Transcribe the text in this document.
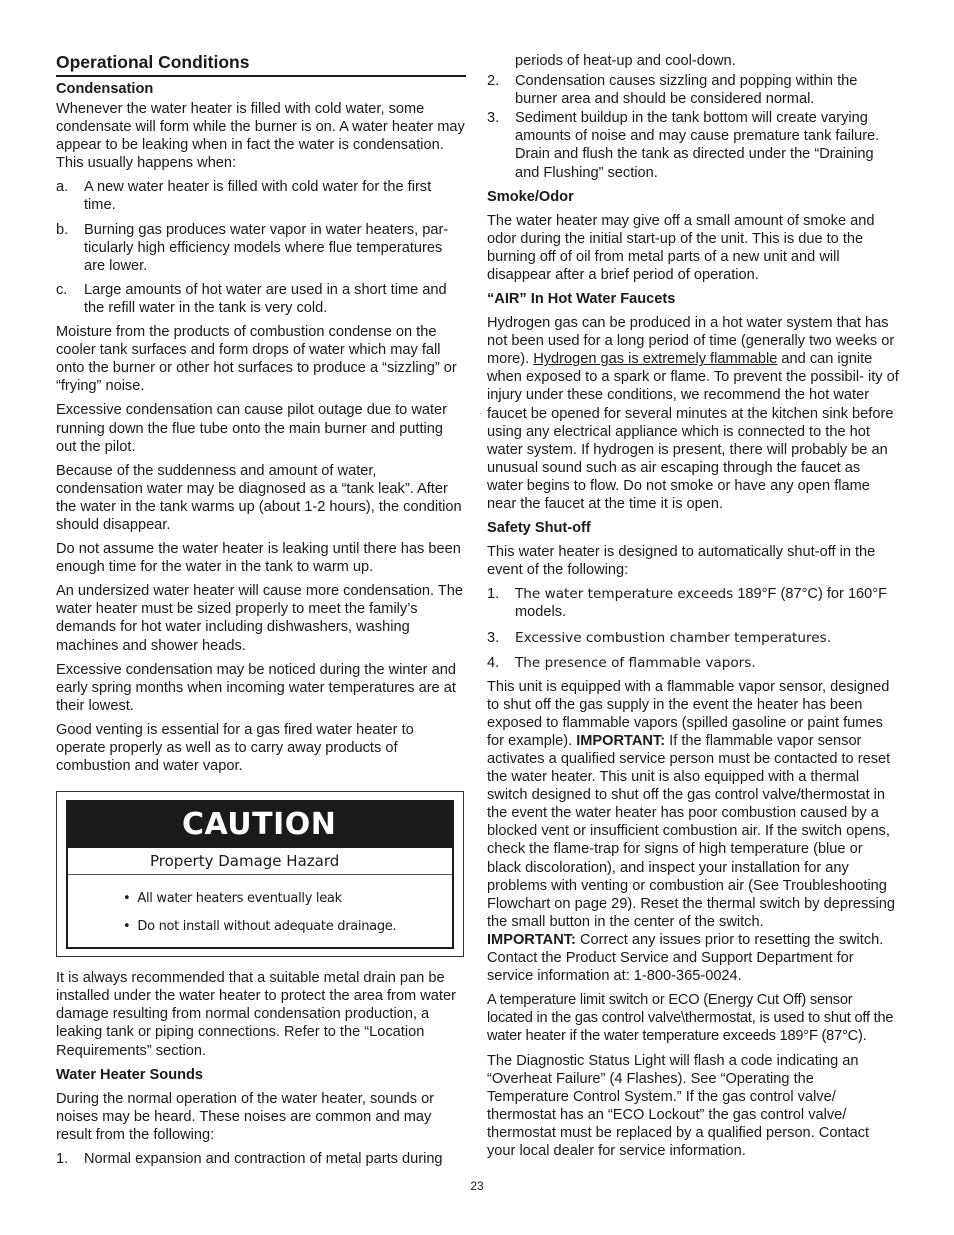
Operational Conditions
Condensation

Whenever the water heater is filled with cold water, some condensate will form while the burner is on. A water heater may appear to be leaking when in fact the water is condensation. This usually happens when:

a. A new water heater is filled with cold water for the first time.
b. Burning gas produces water vapor in water heaters, par- ticularly high efficiency models where flue temperatures are lower.
c. Large amounts of hot water are used in a short time and the refill water in the tank is very cold.

Moisture from the products of combustion condense on the cooler tank surfaces and form drops of water which may fall onto the burner or other hot surfaces to produce a “sizzling” or “frying” noise.

Excessive condensation can cause pilot outage due to water running down the flue tube onto the main burner and putting out the pilot.

Because of the suddenness and amount of water, condensation water may be diagnosed as a “tank leak”. After the water in the tank warms up (about 1-2 hours), the condition should disappear.

Do not assume the water heater is leaking until there has been enough time for the water in the tank to warm up.

An undersized water heater will cause more condensation. The water heater must be sized properly to meet the family’s demands for hot water including dishwashers, washing machines and shower heads.

Excessive condensation may be noticed during the winter and early spring months when incoming water temperatures are at their lowest.

Good venting is essential for a gas fired water heater to operate properly as well as to carry away products of combustion and water vapor.

CAUTION
Property Damage Hazard
• All water heaters eventually leak
• Do not install without adequate drainage.

It is always recommended that a suitable metal drain pan be installed under the water heater to protect the area from water damage resulting from normal condensation production, a leaking tank or piping connections. Refer to the “Location Requirements” section.

Water Heater Sounds

During the normal operation of the water heater, sounds or noises may be heard. These noises are common and may result from the following:

1. Normal expansion and contraction of metal parts during
periods of heat-up and cool-down.
2. Condensation causes sizzling and popping within the burner area and should be considered normal.
3. Sediment buildup in the tank bottom will create varying amounts of noise and may cause premature tank failure. Drain and flush the tank as directed under the “Draining and Flushing” section.
Smoke/Odor

The water heater may give off a small amount of smoke and odor during the initial start-up of the unit. This is due to the burning off of oil from metal parts of a new unit and will disappear after a brief period of operation.

“AIR” In Hot Water Faucets

Hydrogen gas can be produced in a hot water system that has not been used for a long period of time (generally two weeks or more). Hydrogen gas is extremely flammable and can ignite when exposed to a spark or flame. To prevent the possibil- ity of injury under these conditions, we recommend the hot water faucet be opened for several minutes at the kitchen sink before using any electrical appliance which is connected to the hot water system. If hydrogen is present, there will probably be an unusual sound such as air escaping through the faucet as water begins to flow. Do not smoke or have any open flame near the faucet at the time it is open.

Safety Shut-off

This water heater is designed to automatically shut-off in the event of the following:

1. The water temperature exceeds 189°F (87°C) for 160°F models.
3. Excessive combustion chamber temperatures.
4. The presence of flammable vapors.

This unit is equipped with a flammable vapor sensor, designed to shut off the gas supply in the event the heater has been exposed to flammable vapors (spilled gasoline or paint fumes for example). IMPORTANT: If the flammable vapor sensor activates a qualified service person must be contacted to reset the water heater. This unit is also equipped with a thermal switch designed to shut off the gas control valve/thermostat in the event the water heater has poor combustion caused by a blocked vent or insufficient combustion air. If the switch opens, check the flame-trap for signs of high temperature (blue or black discoloration), and inspect your installation for any problems with venting or combustion air (See Troubleshooting Flowchart on page 29). Reset the thermal switch by depressing the small button in the center of the switch.

IMPORTANT: Correct any issues prior to resetting the switch. Contact the Product Service and Support Department for service information at: 1-800-365-0024.

A temperature limit switch or ECO (Energy Cut Off) sensor located in the gas control valve\thermostat, is used to shut off the water heater if the water temperature exceeds 189°F (87°C).

The Diagnostic Status Light will flash a code indicating an “Overheat Failure” (4 Flashes). See “Operating the Temperature Control System.” If the gas control valve/ thermostat has an “ECO Lockout” the gas control valve/ thermostat must be replaced by a qualified person. Contact your local dealer for service information.

23
